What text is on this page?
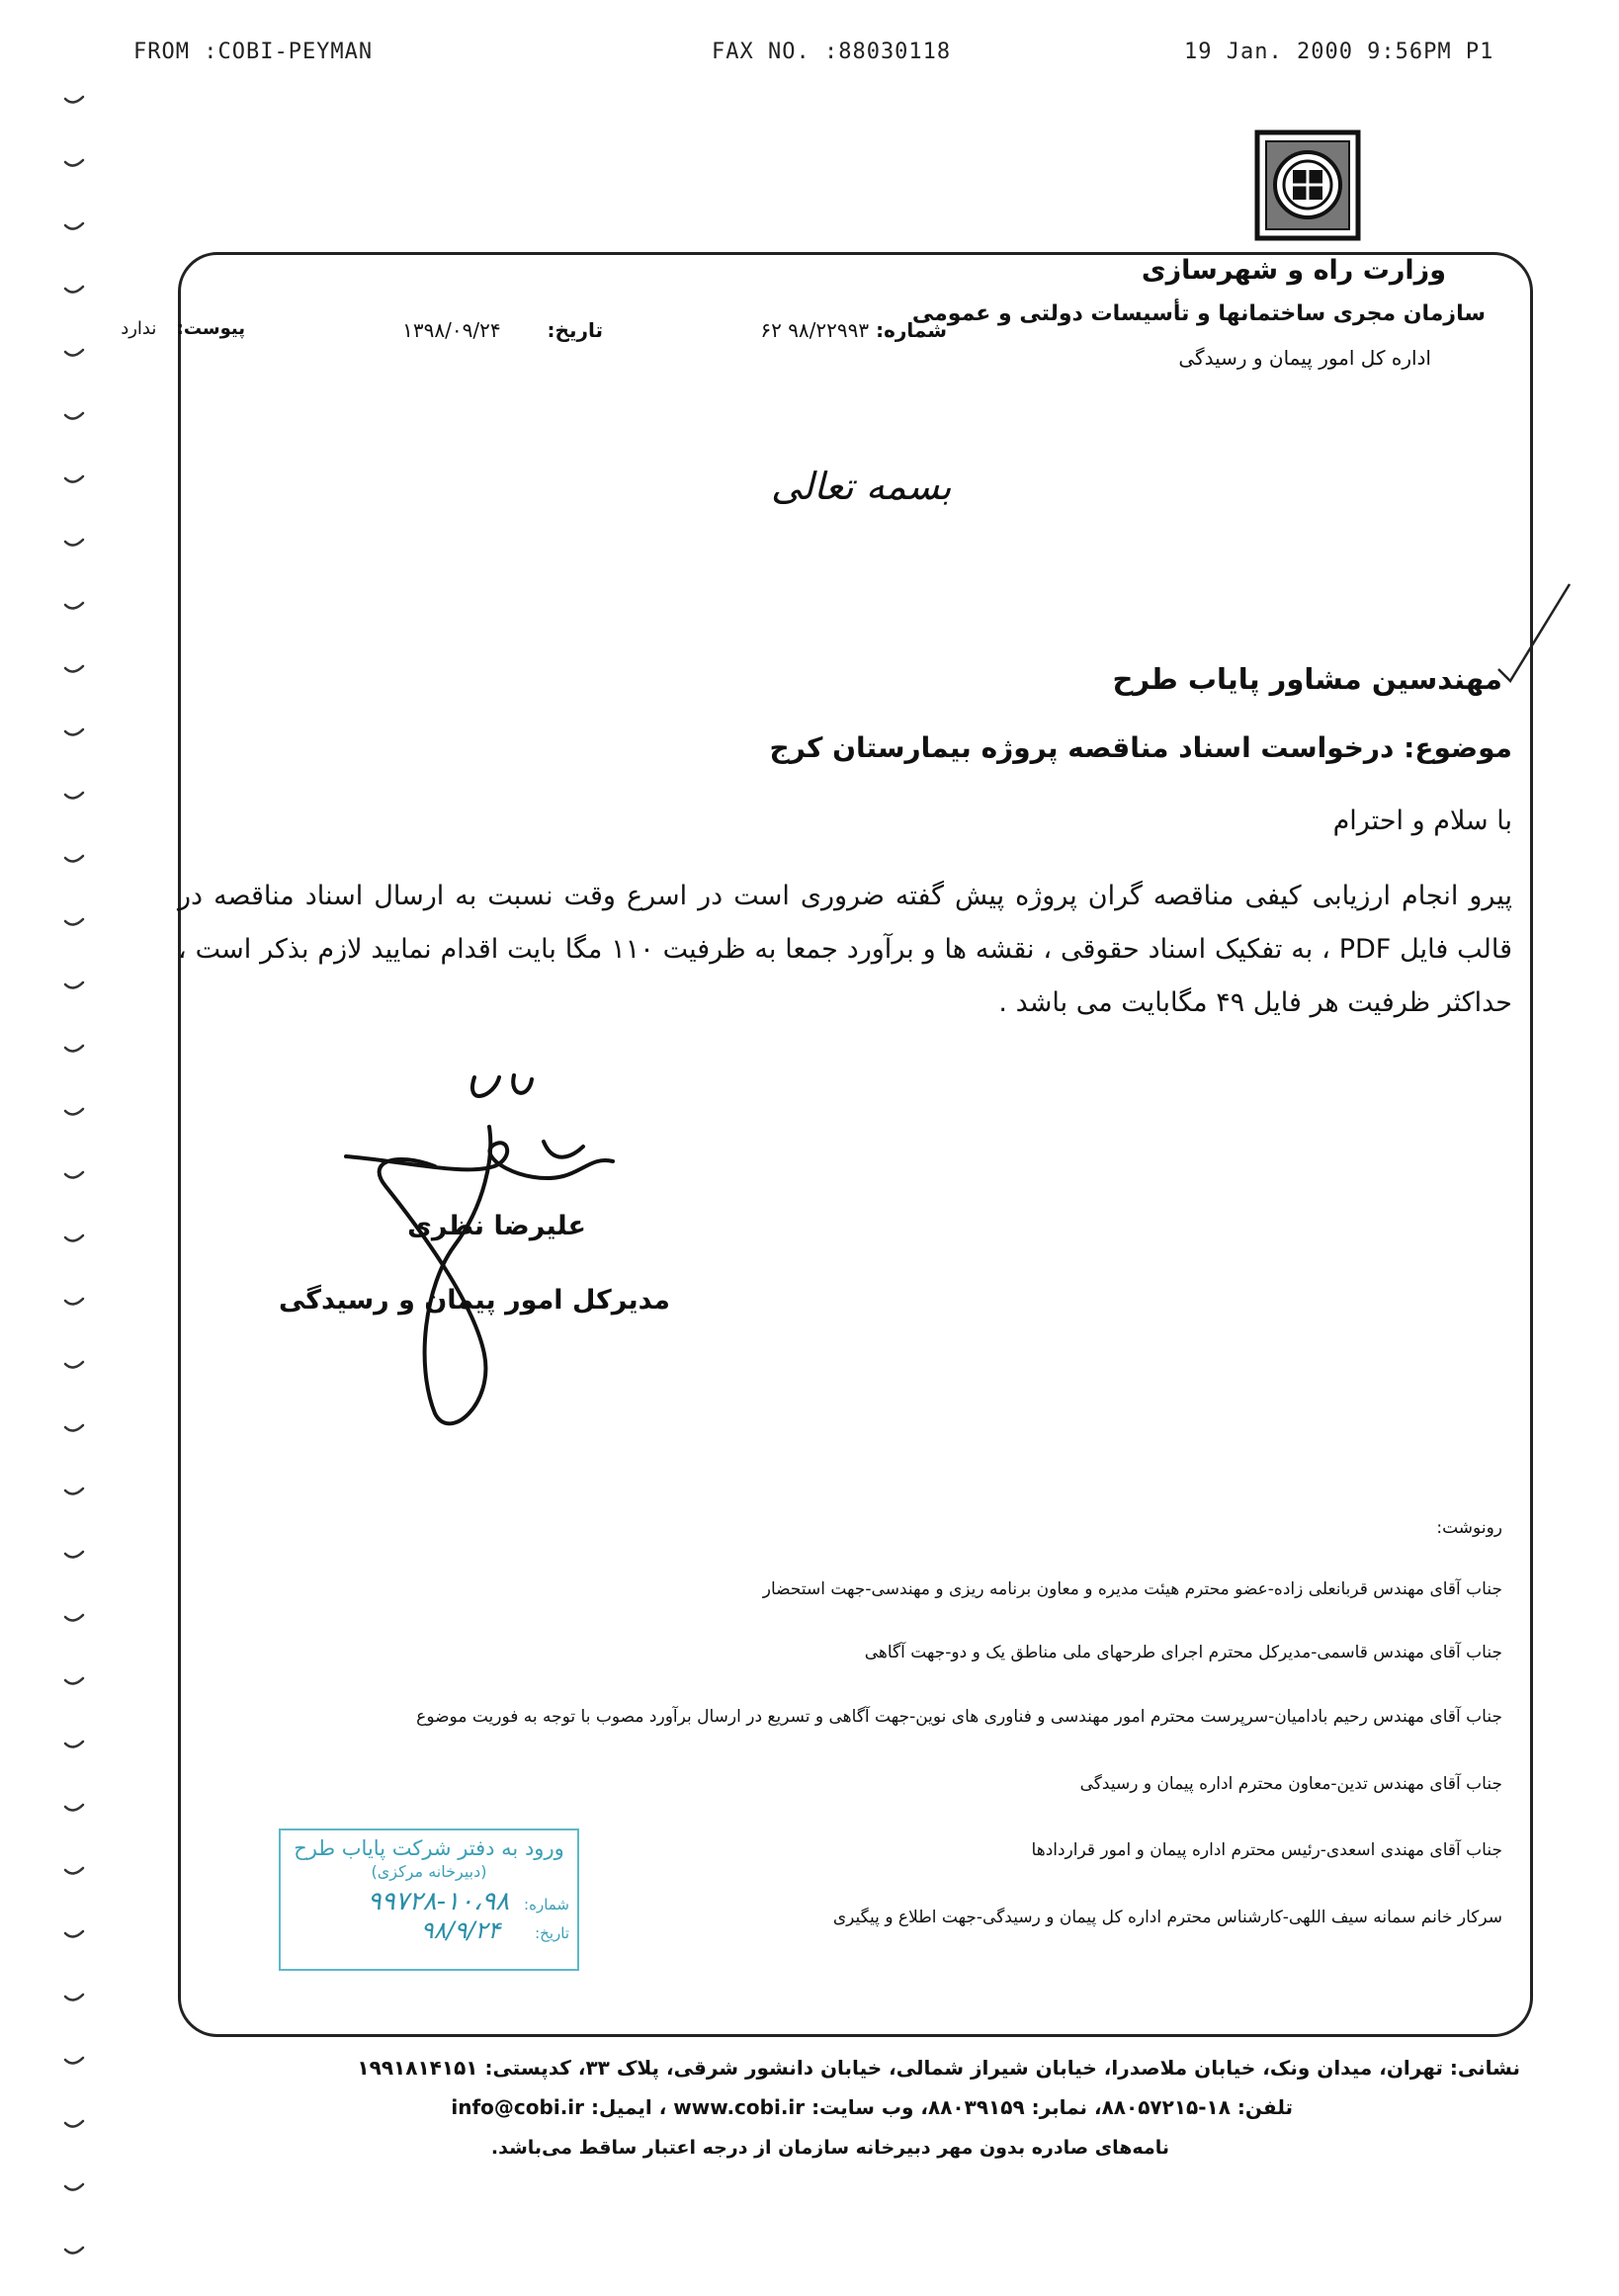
FROM :COBI-PEYMAN	FAX NO. :88030118	19 Jan. 2000 9:56PM P1
وزارت راه و شهرسازی
سازمان مجری ساختمانها و تأسیسات دولتی و عمومی
اداره کل امور پیمان و رسیدگی
شماره: ۹۸/۲۲۹۹۳ ۶۲
تاریخ: ۱۳۹۸/۰۹/۲۴
پیوست: ندارد
بسمه تعالی
مهندسین مشاور پایاب طرح
موضوع: درخواست اسناد مناقصه پروژه بیمارستان کرج
با سلام و احترام
پیرو انجام ارزیابی کیفی مناقصه گران پروژه پیش گفته ضروری است در اسرع وقت نسبت به ارسال اسناد مناقصه در قالب فایل PDF ، به تفکیک اسناد حقوقی ، نقشه ها و برآورد جمعا به ظرفیت ۱۱۰ مگا بایت اقدام نمایید لازم بذکر است ، حداکثر ظرفیت هر فایل ۴۹ مگابایت می باشد .
علیرضا نظری
مدیرکل امور پیمان و رسیدگی
رونوشت:
جناب آقای مهندس قربانعلی زاده-عضو محترم هیئت مدیره و معاون برنامه ریزی و مهندسی-جهت استحضار
جناب آقای مهندس قاسمی-مدیرکل محترم اجرای طرحهای ملی مناطق یک و دو-جهت آگاهی
جناب آقای مهندس رحیم بادامیان-سرپرست محترم امور مهندسی و فناوری های نوین-جهت آگاهی و تسریع در ارسال برآورد مصوب با توجه به فوریت موضوع
جناب آقای مهندس تدین-معاون محترم اداره پیمان و رسیدگی
جناب آقای مهندی اسعدی-رئیس محترم اداره پیمان و امور قراردادها
سرکار خانم سمانه سیف اللهی-کارشناس محترم اداره کل پیمان و رسیدگی-جهت اطلاع و پیگیری
ورود به دفتر شرکت پایاب طرح
(دبیرخانه مرکزی)
شماره: ۱۰،۹۸-۹۹۷۲۸
تاریخ: ۹۸/۹/۲۴
نشانی: تهران، میدان ونک، خیابان ملاصدرا، خیابان شیراز شمالی، خیابان دانشور شرقی، پلاک ۳۳، کدپستی: ۱۹۹۱۸۱۴۱۵۱
تلفن: ۱۸-۸۸۰۵۷۲۱۵، نمابر: ۸۸۰۳۹۱۵۹، وب سایت: www.cobi.ir ، ایمیل: info@cobi.ir
نامه‌های صادره بدون مهر دبیرخانه سازمان از درجه اعتبار ساقط می‌باشد.
